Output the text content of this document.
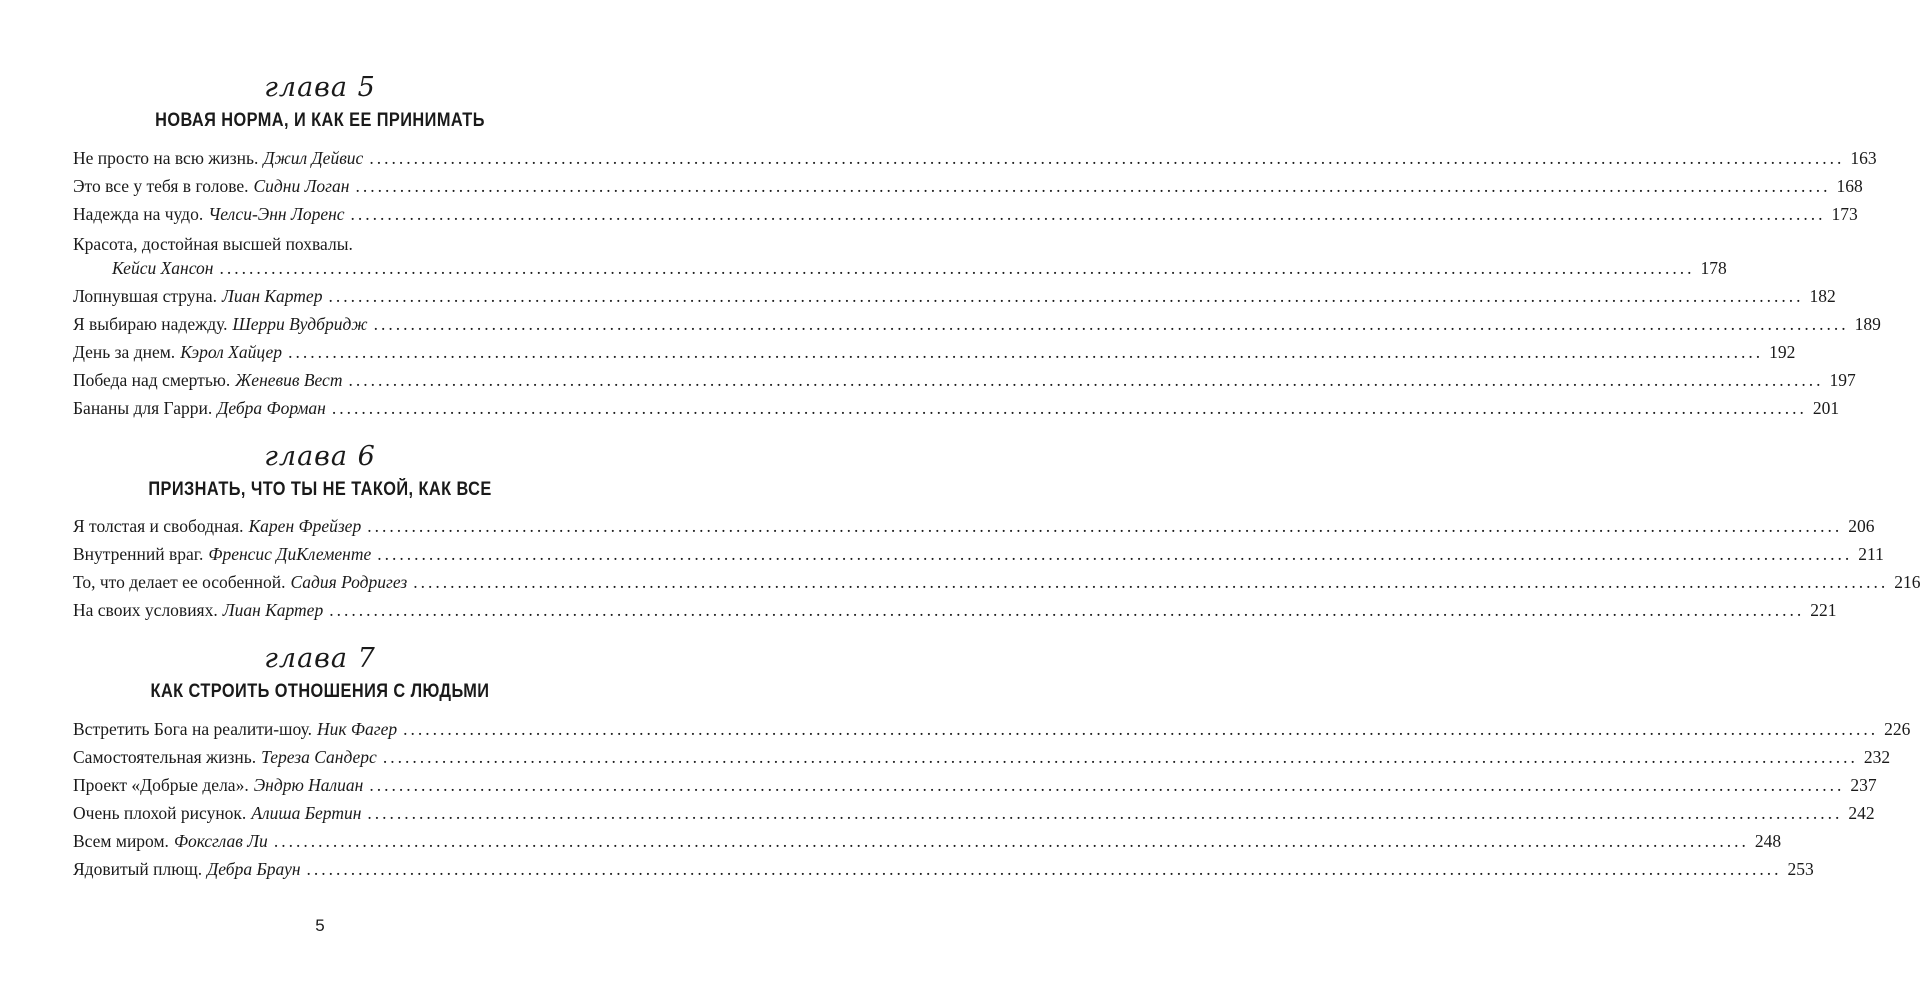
глава 5
НОВАЯ НОРМА, И КАК ЕЕ ПРИНИМАТЬ
Не просто на всю жизнь. Джил Дейвис ........................................................................................................................................................................................................ 163
Это все у тебя в голове. Сидни Логан ........................................................................................................................................................................................................ 168
Надежда на чудо. Челси-Энн Лоренс ........................................................................................................................................................................................................ 173
Красота, достойная высшей похвалы.
Кейси Хансон ........................................................................................................................................................................................................ 178
Лопнувшая струна. Лиан Картер ........................................................................................................................................................................................................ 182
Я выбираю надежду. Шерри Вудбридж ........................................................................................................................................................................................................ 189
День за днем. Кэрол Хайцер ........................................................................................................................................................................................................ 192
Победа над смертью. Женевив Вест ........................................................................................................................................................................................................ 197
Бананы для Гарри. Дебра Форман ........................................................................................................................................................................................................ 201
глава 6
ПРИЗНАТЬ, ЧТО ТЫ НЕ ТАКОЙ, КАК ВСЕ
Я толстая и свободная. Карен Фрейзер ........................................................................................................................................................................................................ 206
Внутренний враг. Френсис ДиКлементе ........................................................................................................................................................................................................ 211
То, что делает ее особенной. Садия Родригез ........................................................................................................................................................................................................ 216
На своих условиях. Лиан Картер ........................................................................................................................................................................................................ 221
глава 7
КАК СТРОИТЬ ОТНОШЕНИЯ С ЛЮДЬМИ
Встретить Бога на реалити-шоу. Ник Фагер ........................................................................................................................................................................................................ 226
Самостоятельная жизнь. Тереза Сандерс ........................................................................................................................................................................................................ 232
Проект «Добрые дела». Эндрю Налиан ........................................................................................................................................................................................................ 237
Очень плохой рисунок. Алиша Бертин ........................................................................................................................................................................................................ 242
Всем миром. Фоксглав Ли ........................................................................................................................................................................................................ 248
Ядовитый плющ. Дебра Браун ........................................................................................................................................................................................................ 253
5
